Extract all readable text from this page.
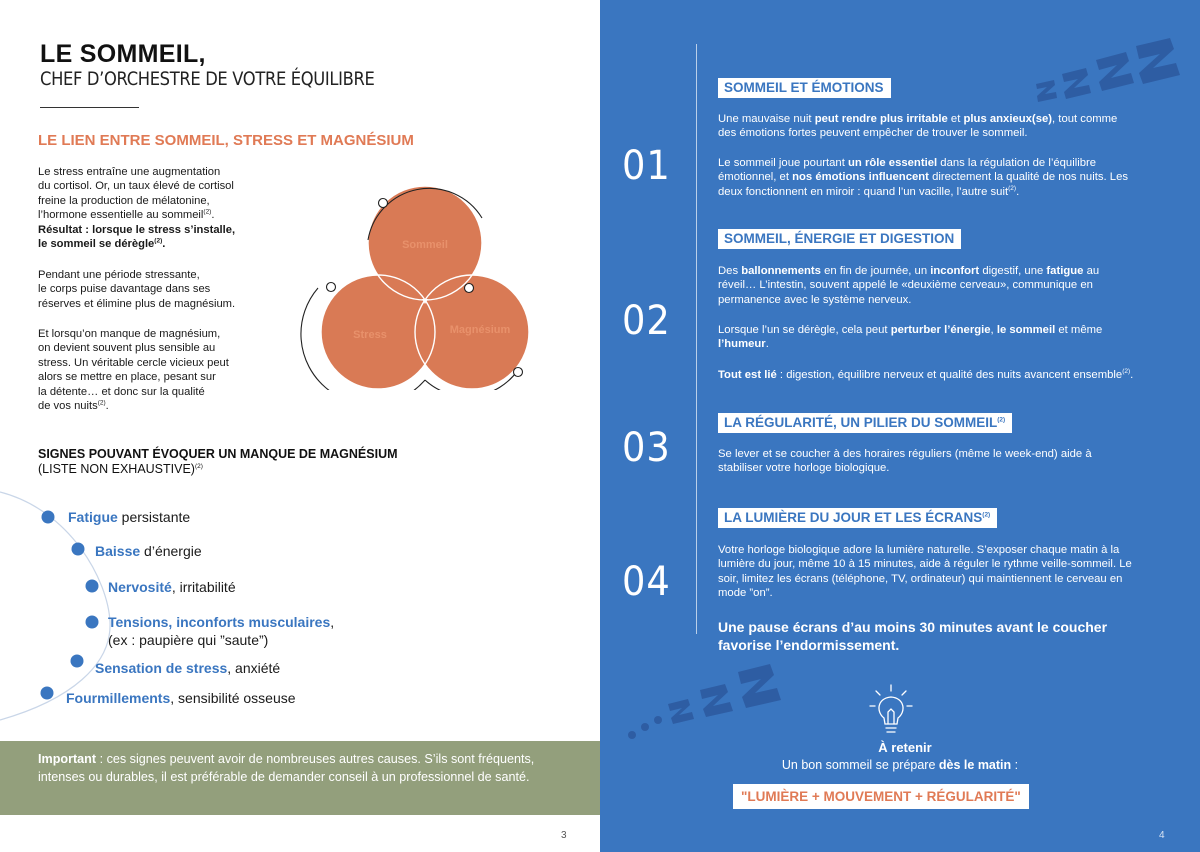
LE SOMMEIL,
CHEF D’ORCHESTRE DE VOTRE ÉQUILIBRE
LE LIEN ENTRE SOMMEIL, STRESS ET MAGNÉSIUM
Le stress entraîne une augmentation
du cortisol. Or, un taux élevé de cortisol
freine la production de mélatonine,
l’hormone essentielle au sommeil$^{(2)}$.
Résultat : lorsque le stress s’installe,
le sommeil se dérègle$^{(2)}$.
Pendant une période stressante,
le corps puise davantage dans ses
réserves et élimine plus de magnésium.
Et lorsqu’on manque de magnésium,
on devient souvent plus sensible au
stress. Un véritable cercle vicieux peut
alors se mettre en place, pesant sur
la détente… et donc sur la qualité
de vos nuits$^{(2)}$.
Sommeil
Stress	Magnésium
SIGNES POUVANT ÉVOQUER UN MANQUE DE MAGNÉSIUM
(LISTE NON EXHAUSTIVE)$^{(2)}$
Fatigue persistante
Baisse d’énergie
Nervosité, irritabilité
Tensions, inconforts musculaires,
(ex : paupière qui ”saute”)
Sensation de stress, anxiété
Fourmillements, sensibilité osseuse
Important : ces signes peuvent avoir de nombreuses autres causes. S’ils sont fréquents, intenses ou durables, il est préférable de demander conseil à un professionnel de santé.
3
01
SOMMEIL ET ÉMOTIONS
Une mauvaise nuit peut rendre plus irritable et plus anxieux(se), tout comme des émotions fortes peuvent empêcher de trouver le sommeil.
Le sommeil joue pourtant un rôle essentiel dans la régulation de l’équilibre émotionnel, et nos émotions influencent directement la qualité de nos nuits. Les deux fonctionnent en miroir : quand l’un vacille, l’autre suit$^{(2)}$.
02
SOMMEIL, ÉNERGIE ET DIGESTION
Des ballonnements en fin de journée, un inconfort digestif, une fatigue au réveil… L’intestin, souvent appelé le «deuxième cerveau», communique en permanence avec le système nerveux.
Lorsque l’un se dérègle, cela peut perturber l’énergie, le sommeil et même l’humeur.
Tout est lié : digestion, équilibre nerveux et qualité des nuits avancent ensemble$^{(2)}$.
03
LA RÉGULARITÉ, UN PILIER DU SOMMEIL$^{(2)}$
Se lever et se coucher à des horaires réguliers (même le week-end) aide à stabiliser votre horloge biologique.
04
LA LUMIÈRE DU JOUR ET LES ÉCRANS$^{(2)}$
Votre horloge biologique adore la lumière naturelle. S’exposer chaque matin à la lumière du jour, même 10 à 15 minutes, aide à réguler le rythme veille-sommeil. Le soir, limitez les écrans (téléphone, TV, ordinateur) qui maintiennent le cerveau en mode ”on”.
Une pause écrans d’au moins 30 minutes avant le coucher favorise l’endormissement.
À retenir
Un bon sommeil se prépare dès le matin :
"LUMIÈRE + MOUVEMENT + RÉGULARITÉ"
4
